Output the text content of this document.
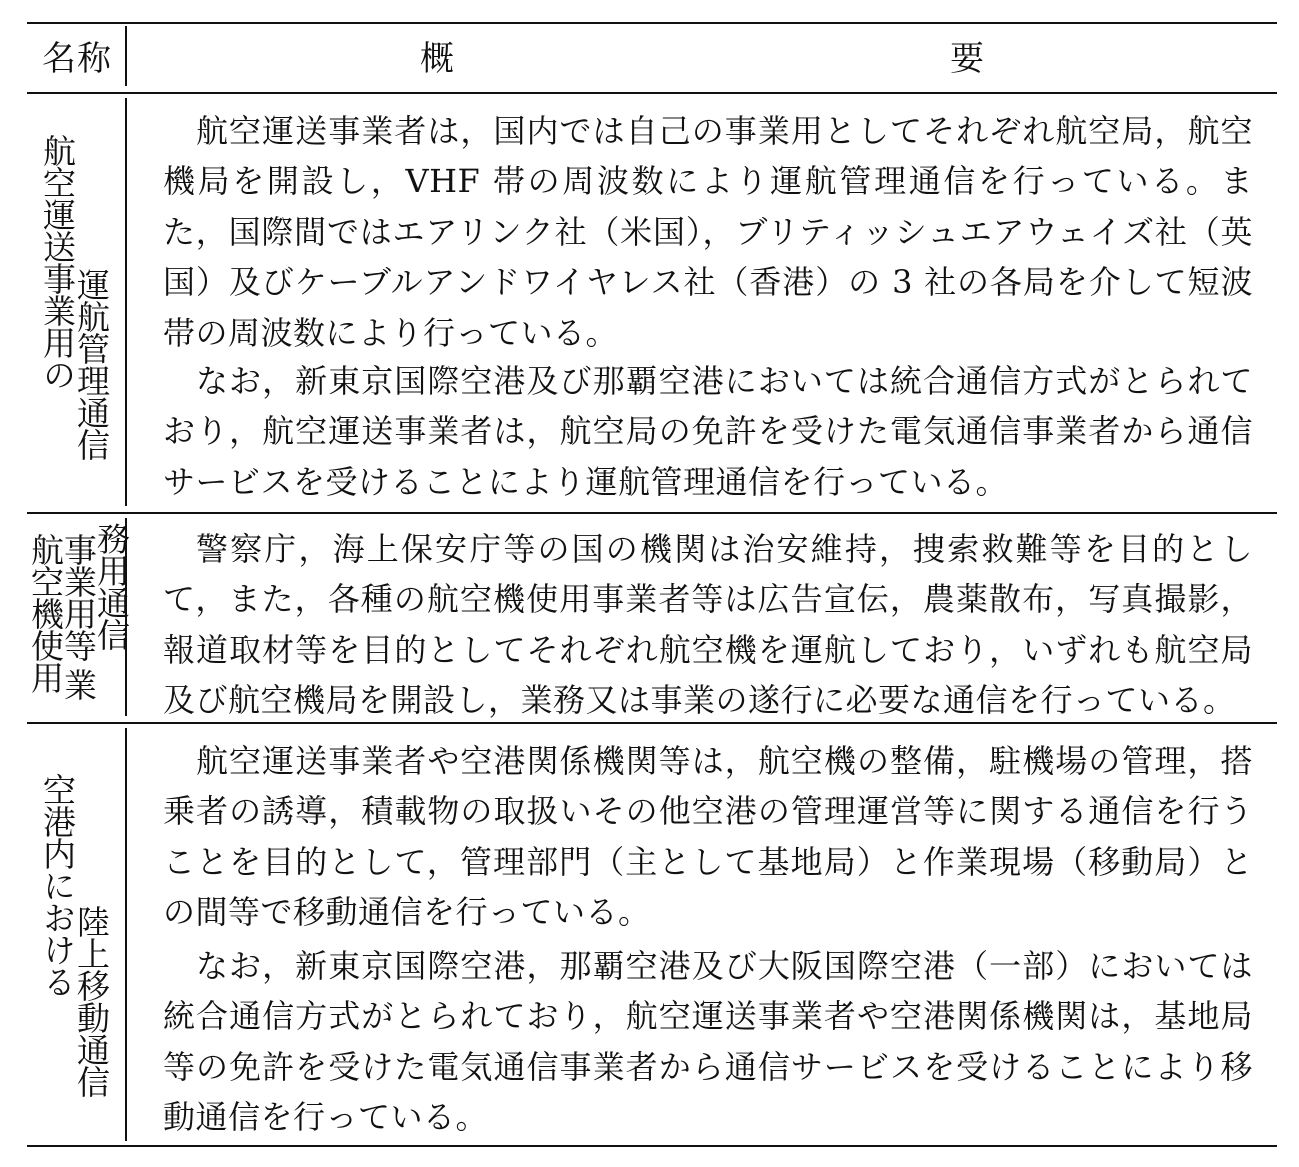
名称	概	要
航空運送事業用の
運航管理通信
航空運送事業者は，国内では自己の事業用としてそれぞれ航空局，航空機局を開設し，VHF 帯の周波数により運航管理通信を行っている。また，国際間ではエアリンク社（米国），ブリティッシュエアウェイズ社（英国）及びケーブルアンドワイヤレス社（香港）の 3 社の各局を介して短波帯の周波数により行っている。
なお，新東京国際空港及び那覇空港においては統合通信方式がとられており，航空運送事業者は，航空局の免許を受けた電気通信事業者から通信サービスを受けることにより運航管理通信を行っている。
航空機使用
事業用等
務用通信
業
警察庁，海上保安庁等の国の機関は治安維持，捜索救難等を目的として，また，各種の航空機使用事業者等は広告宣伝，農薬散布，写真撮影，報道取材等を目的としてそれぞれ航空機を運航しており，いずれも航空局及び航空機局を開設し，業務又は事業の遂行に必要な通信を行っている。
空港内における
陸上移動通信
航空運送事業者や空港関係機関等は，航空機の整備，駐機場の管理，搭乗者の誘導，積載物の取扱いその他空港の管理運営等に関する通信を行うことを目的として，管理部門（主として基地局）と作業現場（移動局）との間等で移動通信を行っている。
なお，新東京国際空港，那覇空港及び大阪国際空港（一部）においては統合通信方式がとられており，航空運送事業者や空港関係機関は，基地局等の免許を受けた電気通信事業者から通信サービスを受けることにより移動通信を行っている。
